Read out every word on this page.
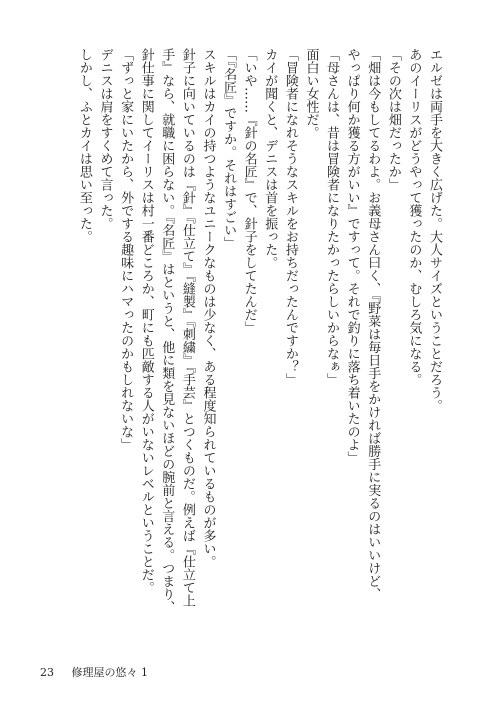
エルゼは両手を大きく広げた。大人サイズということだろう。
あのイーリスがどうやって獲ったのか、むしろ気になる。
「その次は畑だったか」
「畑は今もしてるわよ。お義母さん曰く、『野菜は毎日手をかければ勝手に実るのはいいけど、
やっぱり何か獲る方がいい』ですって。それで釣りに落ち着いたのよ」
「母さんは、昔は冒険者になりたかったらしいからなぁ」
面白い女性だ。
「冒険者になれそうなスキルをお持ちだったんですか？」
カイが聞くと、デニスは首を振った。
「いや……『針の名匠』で、針子をしてたんだ」
「『名匠』ですか。それはすごい」
スキルはカイの持つようなユニークなものは少なく、ある程度知られているものが多い。
針子に向いているのは『針』『仕立て』『縫製』『刺繍』『手芸』とつくものだ。例えば『仕立て上
手』なら、就職に困らない。『名匠』はというと、他に類を見ないほどの腕前と言える。つまり、
針仕事に関してイーリスは村一番どころか、町にも匹敵する人がいないレベルということだ。
「ずっと家にいたから、外でする趣味にハマったのかもしれないな」
デニスは肩をすくめて言った。
しかし、ふとカイは思い至った。
23 修理屋の悠々 1
